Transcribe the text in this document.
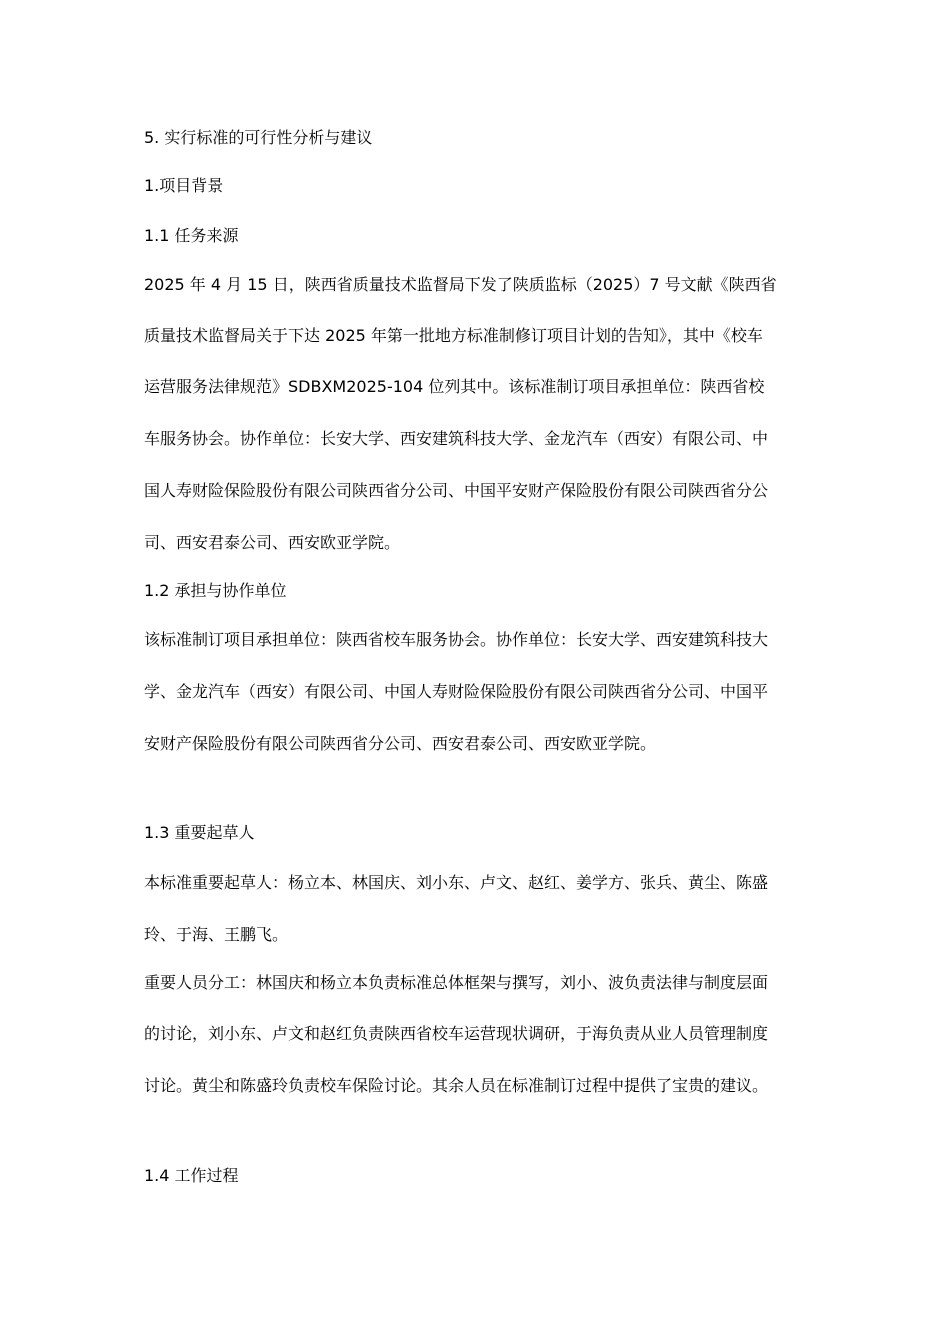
5. 实行标准的可行性分析与建议
1.项目背景
1.1 任务来源
2025 年 4 月 15 日，陕西省质量技术监督局下发了陕质监标（2025）7 号文献《陕西省
质量技术监督局关于下达 2025 年第一批地方标准制修订项目计划的告知》，其中《校车
运营服务法律规范》SDBXM2025-104 位列其中。该标准制订项目承担单位：陕西省校
车服务协会。协作单位：长安大学、西安建筑科技大学、金龙汽车（西安）有限公司、中
国人寿财险保险股份有限公司陕西省分公司、中国平安财产保险股份有限公司陕西省分公
司、西安君泰公司、西安欧亚学院。
1.2 承担与协作单位
该标准制订项目承担单位：陕西省校车服务协会。协作单位：长安大学、西安建筑科技大
学、金龙汽车（西安）有限公司、中国人寿财险保险股份有限公司陕西省分公司、中国平
安财产保险股份有限公司陕西省分公司、西安君泰公司、西安欧亚学院。
1.3 重要起草人
本标准重要起草人：杨立本、林国庆、刘小东、卢文、赵红、姜学方、张兵、黄尘、陈盛
玲、于海、王鹏飞。
重要人员分工：林国庆和杨立本负责标准总体框架与撰写，刘小、波负责法律与制度层面
的讨论，刘小东、卢文和赵红负责陕西省校车运营现状调研，于海负责从业人员管理制度
讨论。黄尘和陈盛玲负责校车保险讨论。其余人员在标准制订过程中提供了宝贵的建议。
1.4 工作过程
